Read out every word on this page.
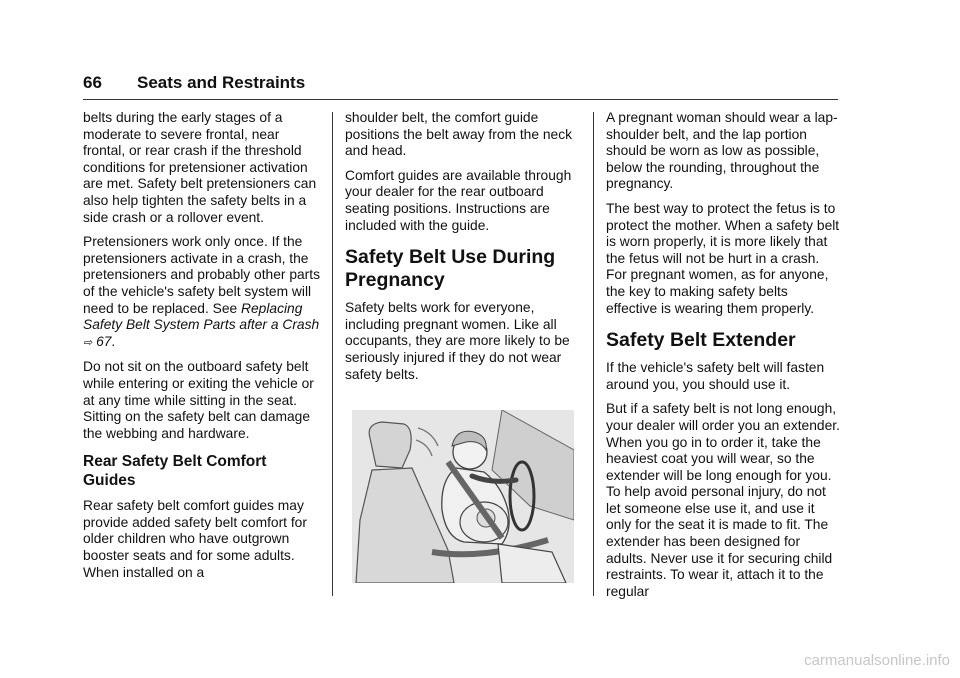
66 Seats and Restraints

belts during the early stages of a moderate to severe frontal, near frontal, or rear crash if the threshold conditions for pretensioner activation are met. Safety belt pretensioners can also help tighten the safety belts in a side crash or a rollover event.

Pretensioners work only once. If the pretensioners activate in a crash, the pretensioners and probably other parts of the vehicle's safety belt system will need to be replaced. See Replacing Safety Belt System Parts after a Crash ⇨ 67.

Do not sit on the outboard safety belt while entering or exiting the vehicle or at any time while sitting in the seat. Sitting on the safety belt can damage the webbing and hardware.

Rear Safety Belt Comfort Guides

Rear safety belt comfort guides may provide added safety belt comfort for older children who have outgrown booster seats and for some adults. When installed on a

shoulder belt, the comfort guide positions the belt away from the neck and head.

Comfort guides are available through your dealer for the rear outboard seating positions. Instructions are included with the guide.

Safety Belt Use During Pregnancy

Safety belts work for everyone, including pregnant women. Like all occupants, they are more likely to be seriously injured if they do not wear safety belts.

A pregnant woman should wear a lap-shoulder belt, and the lap portion should be worn as low as possible, below the rounding, throughout the pregnancy.

The best way to protect the fetus is to protect the mother. When a safety belt is worn properly, it is more likely that the fetus will not be hurt in a crash. For pregnant women, as for anyone, the key to making safety belts effective is wearing them properly.

Safety Belt Extender

If the vehicle's safety belt will fasten around you, you should use it.

But if a safety belt is not long enough, your dealer will order you an extender. When you go in to order it, take the heaviest coat you will wear, so the extender will be long enough for you. To help avoid personal injury, do not let someone else use it, and use it only for the seat it is made to fit. The extender has been designed for adults. Never use it for securing child restraints. To wear it, attach it to the regular

carmanualsonline.info
